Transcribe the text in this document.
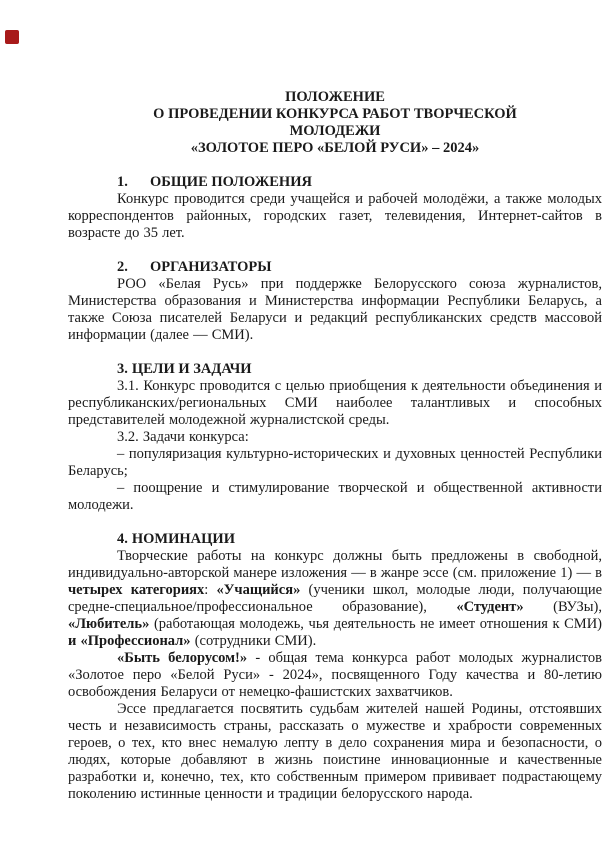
ПОЛОЖЕНИЕ
О ПРОВЕДЕНИИ КОНКУРСА РАБОТ ТВОРЧЕСКОЙ
МОЛОДЕЖИ
«ЗОЛОТОЕ ПЕРО «БЕЛОЙ РУСИ» – 2024»
1. ОБЩИЕ ПОЛОЖЕНИЯ

Конкурс проводится среди учащейся и рабочей молодёжи, а также молодых корреспондентов районных, городских газет, телевидения, Интернет-сайтов в возрасте до 35 лет.

2. ОРГАНИЗАТОРЫ

РОО «Белая Русь» при поддержке Белорусского союза журналистов, Министерства образования и Министерства информации Республики Беларусь, а также Союза писателей Беларуси и редакций республиканских средств массовой информации (далее — СМИ).

3. ЦЕЛИ И ЗАДАЧИ

3.1. Конкурс проводится с целью приобщения к деятельности объединения и республиканских/региональных СМИ наиболее талантливых и способных представителей молодежной журналистской среды.

3.2. Задачи конкурса:

– популяризация культурно-исторических и духовных ценностей Республики Беларусь;

– поощрение и стимулирование творческой и общественной активности молодежи.

4. НОМИНАЦИИ

Творческие работы на конкурс должны быть предложены в свободной, индивидуально-авторской манере изложения — в жанре эссе (см. приложение 1) — в четырех категориях: «Учащийся» (ученики школ, молодые люди, получающие средне-специальное/профессиональное образование), «Студент» (ВУЗы), «Любитель» (работающая молодежь, чья деятельность не имеет отношения к СМИ) и «Профессионал» (сотрудники СМИ).

«Быть белорусом!» - общая тема конкурса работ молодых журналистов «Золотое перо «Белой Руси» - 2024», посвященного Году качества и 80-летию освобождения Беларуси от немецко-фашистских захватчиков.

Эссе предлагается посвятить судьбам жителей нашей Родины, отстоявших честь и независимость страны, рассказать о мужестве и храбрости современных героев, о тех, кто внес немалую лепту в дело сохранения мира и безопасности, о людях, которые добавляют в жизнь поистине инновационные и качественные разработки и, конечно, тех, кто собственным примером прививает подрастающему поколению истинные ценности и традиции белорусского народа.
